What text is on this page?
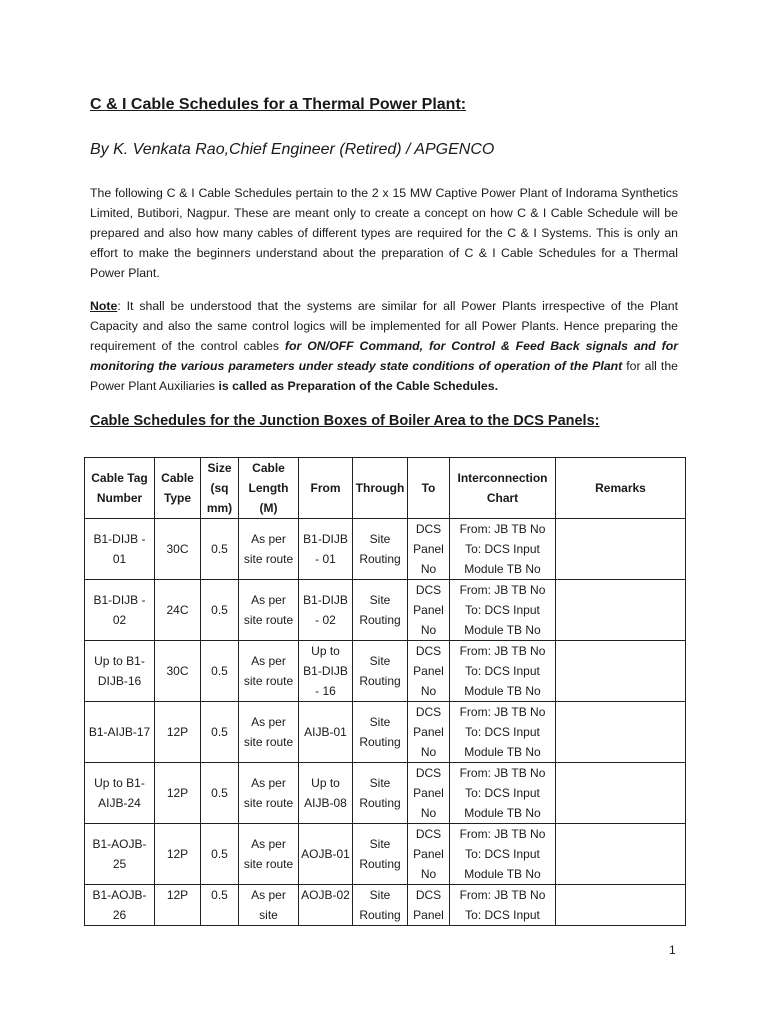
C & I Cable Schedules for a Thermal Power Plant:

By K. Venkata Rao,Chief Engineer (Retired) / APGENCO

The following C & I Cable Schedules pertain to the 2 x 15 MW Captive Power Plant of Indorama Synthetics Limited, Butibori, Nagpur. These are meant only to create a concept on how C & I Cable Schedule will be prepared and also how many cables of different types are required for the C & I Systems. This is only an effort to make the beginners understand about the preparation of C & I Cable Schedules for a Thermal Power Plant.

Note: It shall be understood that the systems are similar for all Power Plants irrespective of the Plant Capacity and also the same control logics will be implemented for all Power Plants. Hence preparing the requirement of the control cables for ON/OFF Command, for Control & Feed Back signals and for monitoring the various parameters under steady state conditions of operation of the Plant for all the Power Plant Auxiliaries is called as Preparation of the Cable Schedules.

Cable Schedules for the Junction Boxes of Boiler Area to the DCS Panels:
Cable Tag Number	Cable Type	Size (sq mm)	Cable Length (M)	From	Through	To	Interconnection Chart	Remarks
B1-DIJB - 01	30C	0.5	As per site route	B1-DIJB - 01	Site Routing	DCS Panel No	From: JB TB No To: DCS Input Module TB No	
B1-DIJB - 02	24C	0.5	As per site route	B1-DIJB - 02	Site Routing	DCS Panel No	From: JB TB No To: DCS Input Module TB No	
Up to B1-DIJB-16	30C	0.5	As per site route	Up to B1-DIJB - 16	Site Routing	DCS Panel No	From: JB TB No To: DCS Input Module TB No	
B1-AIJB-17	12P	0.5	As per site route	AIJB-01	Site Routing	DCS Panel No	From: JB TB No To: DCS Input Module TB No	
Up to B1-AIJB-24	12P	0.5	As per site route	Up to AIJB-08	Site Routing	DCS Panel No	From: JB TB No To: DCS Input Module TB No	
B1-AOJB-25	12P	0.5	As per site route	AOJB-01	Site Routing	DCS Panel No	From: JB TB No To: DCS Input Module TB No	
B1-AOJB-26	12P	0.5	As per site	AOJB-02	Site Routing	DCS Panel	From: JB TB No To: DCS Input	
1
